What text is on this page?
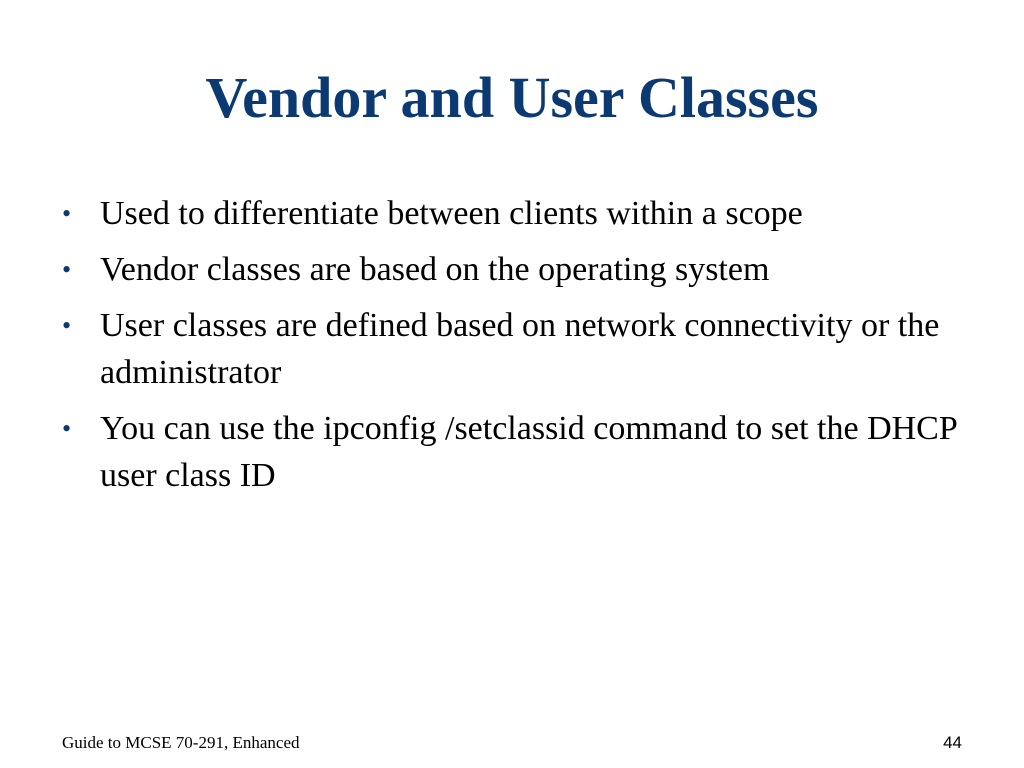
Vendor and User Classes
• Used to differentiate between clients within a scope
• Vendor classes are based on the operating system
• User classes are defined based on network connectivity or the administrator
• You can use the ipconfig /setclassid command to set the DHCP user class ID
Guide to MCSE 70-291, Enhanced	44
